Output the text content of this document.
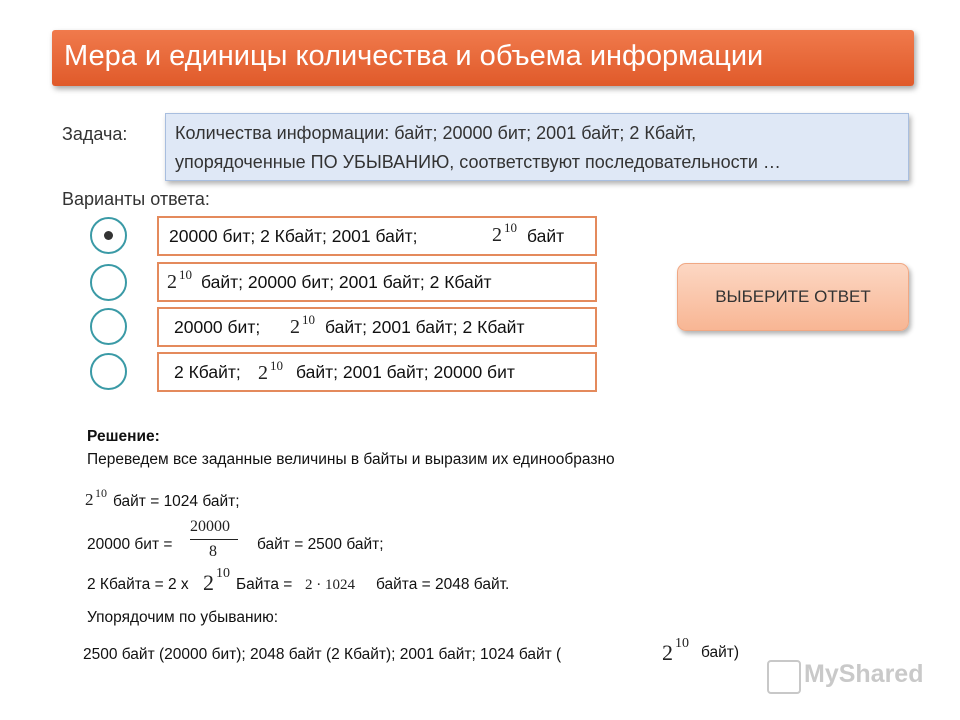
Мера и единицы количества и объема информации
Задача:	Количества информации: байт; 20000 бит; 2001 байт; 2 Кбайт,
упорядоченные ПО УБЫВАНИЮ, соответствуют последовательности …
Варианты ответа:
20000 бит; 2 Кбайт; 2001 байт;	2 10 байт
2 10 байт; 20000 бит; 2001 байт; 2 Кбайт
20000 бит; 2 10 байт; 2001 байт; 2 Кбайт
2 Кбайт; 2 10 байт; 2001 байт; 20000 бит
ВЫБЕРИТЕ ОТВЕТ
Решение:
Переведем все заданные величины в байты и выразим их единообразно
2 10 байт = 1024 байт;
20000 бит =
20000
8	байт = 2500 байт;
2 Кбайта = 2 х 2 10
Байта = 2 · 1024 байта = 2048 байт.
Упорядочим по убыванию:
2500 байт (20000 бит); 2048 байт (2 Кбайт); 2001 байт; 1024 байт (	2 10
байт)
MyShared
